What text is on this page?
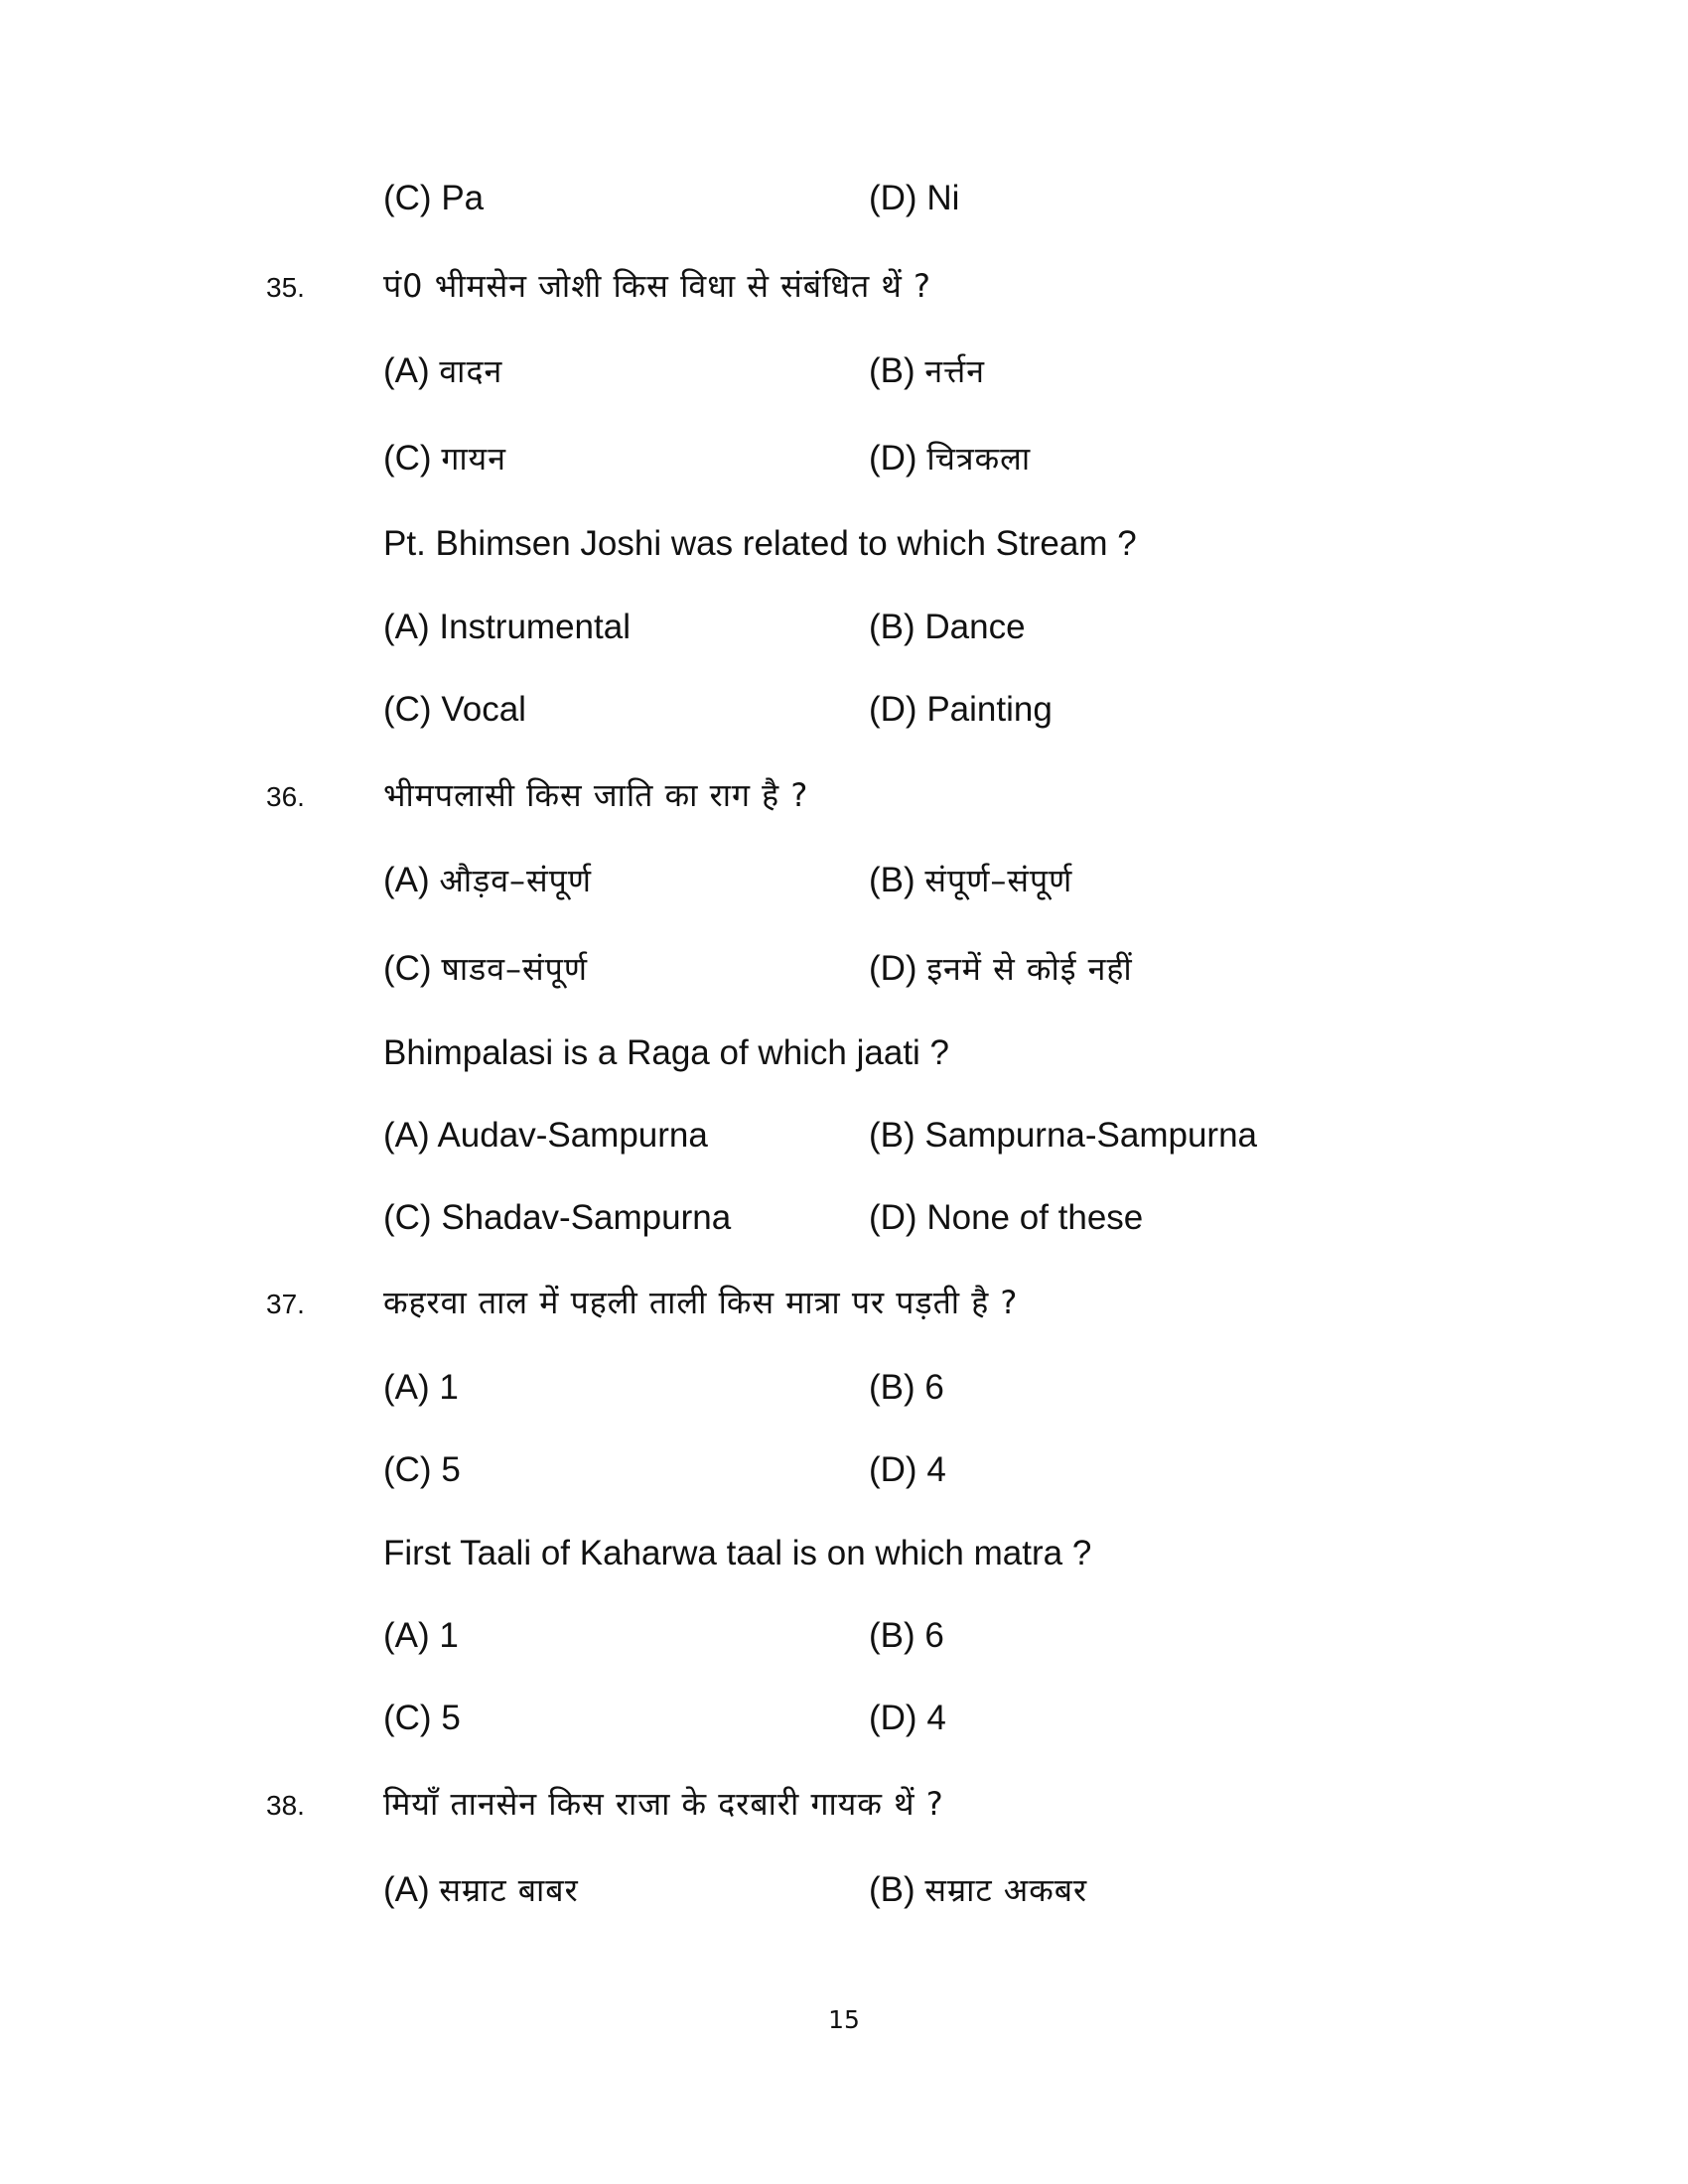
(C) Pa	(D) Ni
35. पं0 भीमसेन जोशी किस विधा से संबंधित थें ?
(A) वादन	(B) नर्त्तन
(C) गायन	(D) चित्रकला
Pt. Bhimsen Joshi was related to which Stream ?
(A) Instrumental	(B) Dance
(C) Vocal	(D) Painting
36. भीमपलासी किस जाति का राग है ?
(A) औड़व–संपूर्ण	(B) संपूर्ण–संपूर्ण
(C) षाडव–संपूर्ण	(D) इनमें से कोई नहीं
Bhimpalasi is a Raga of which jaati ?
(A) Audav-Sampurna	(B) Sampurna-Sampurna
(C) Shadav-Sampurna	(D) None of these
37. कहरवा ताल में पहली ताली किस मात्रा पर पड़ती है ?
(A) 1	(B) 6
(C) 5	(D) 4
First Taali of Kaharwa taal is on which matra ?
(A) 1	(B) 6
(C) 5	(D) 4
38. मियाँ तानसेन किस राजा के दरबारी गायक थें ?
(A) सम्राट बाबर	(B) सम्राट अकबर
15
